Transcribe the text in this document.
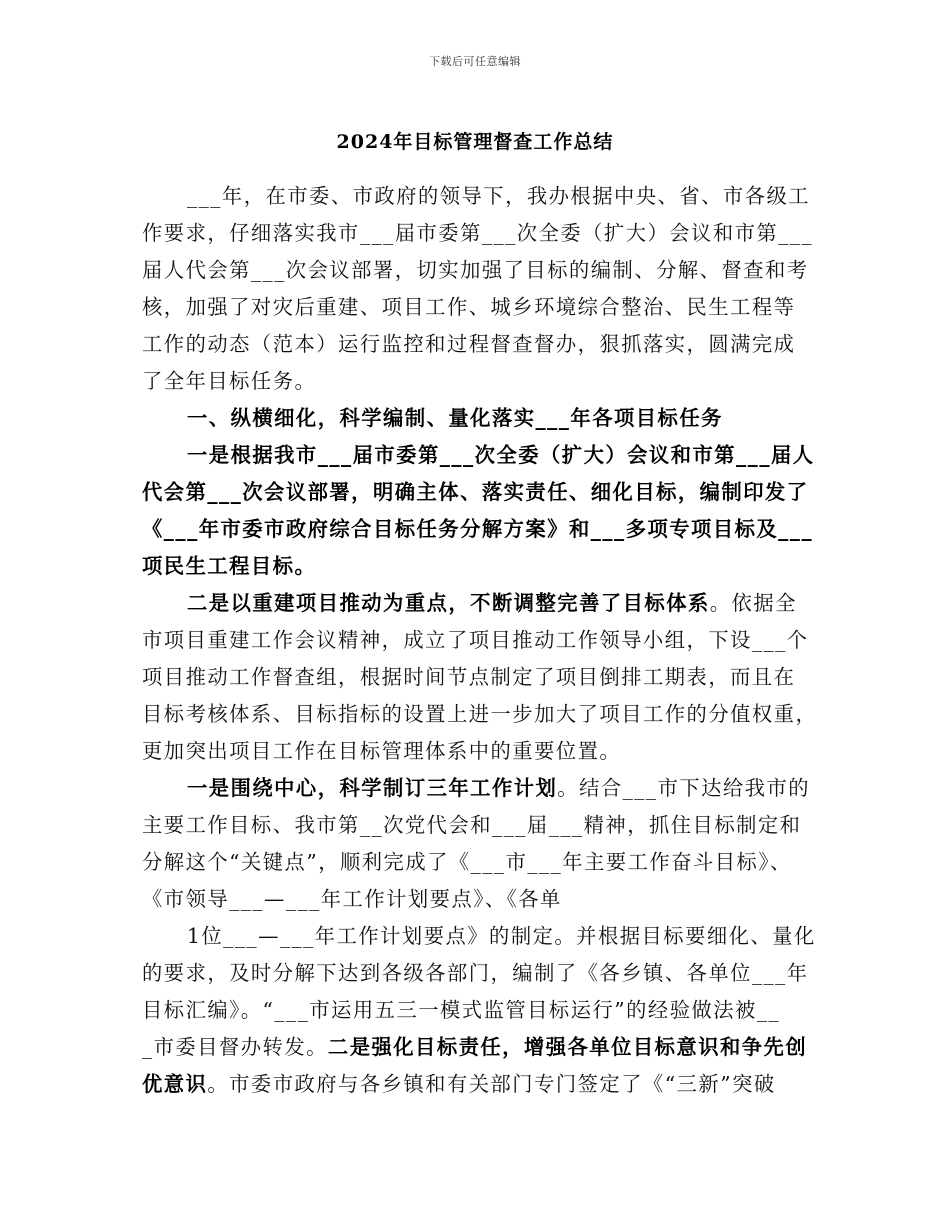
下载后可任意编辑
2024年目标管理督查工作总结
___年，在市委、市政府的领导下，我办根据中央、省、市各级工
作要求，仔细落实我市___届市委第___次全委（扩大）会议和市第___
届人代会第___次会议部署，切实加强了目标的编制、分解、督查和考
核，加强了对灾后重建、项目工作、城乡环境综合整治、民生工程等
工作的动态（范本）运行监控和过程督查督办，狠抓落实，圆满完成
了全年目标任务。
一、纵横细化，科学编制、量化落实___年各项目标任务
一是根据我市___届市委第___次全委（扩大）会议和市第___届人
代会第___次会议部署，明确主体、落实责任、细化目标，编制印发了
《___年市委市政府综合目标任务分解方案》和___多项专项目标及___
项民生工程目标。
二是以重建项目推动为重点，不断调整完善了目标体系。依据全
市项目重建工作会议精神，成立了项目推动工作领导小组，下设___个
项目推动工作督查组，根据时间节点制定了项目倒排工期表，而且在
目标考核体系、目标指标的设置上进一步加大了项目工作的分值权重，
更加突出项目工作在目标管理体系中的重要位置。
一是围绕中心，科学制订三年工作计划。结合___市下达给我市的
主要工作目标、我市第__次党代会和___届___精神，抓住目标制定和
分解这个“关键点”，顺利完成了《___市___年主要工作奋斗目标》、
《市领导___—___年工作计划要点》、《各单
1位___—___年工作计划要点》的制定。并根据目标要细化、量化
的要求，及时分解下达到各级各部门，编制了《各乡镇、各单位___年
目标汇编》。“___市运用五三一模式监管目标运行”的经验做法被__
_市委目督办转发。二是强化目标责任，增强各单位目标意识和争先创
优意识。市委市政府与各乡镇和有关部门专门签定了《“三新”突破
